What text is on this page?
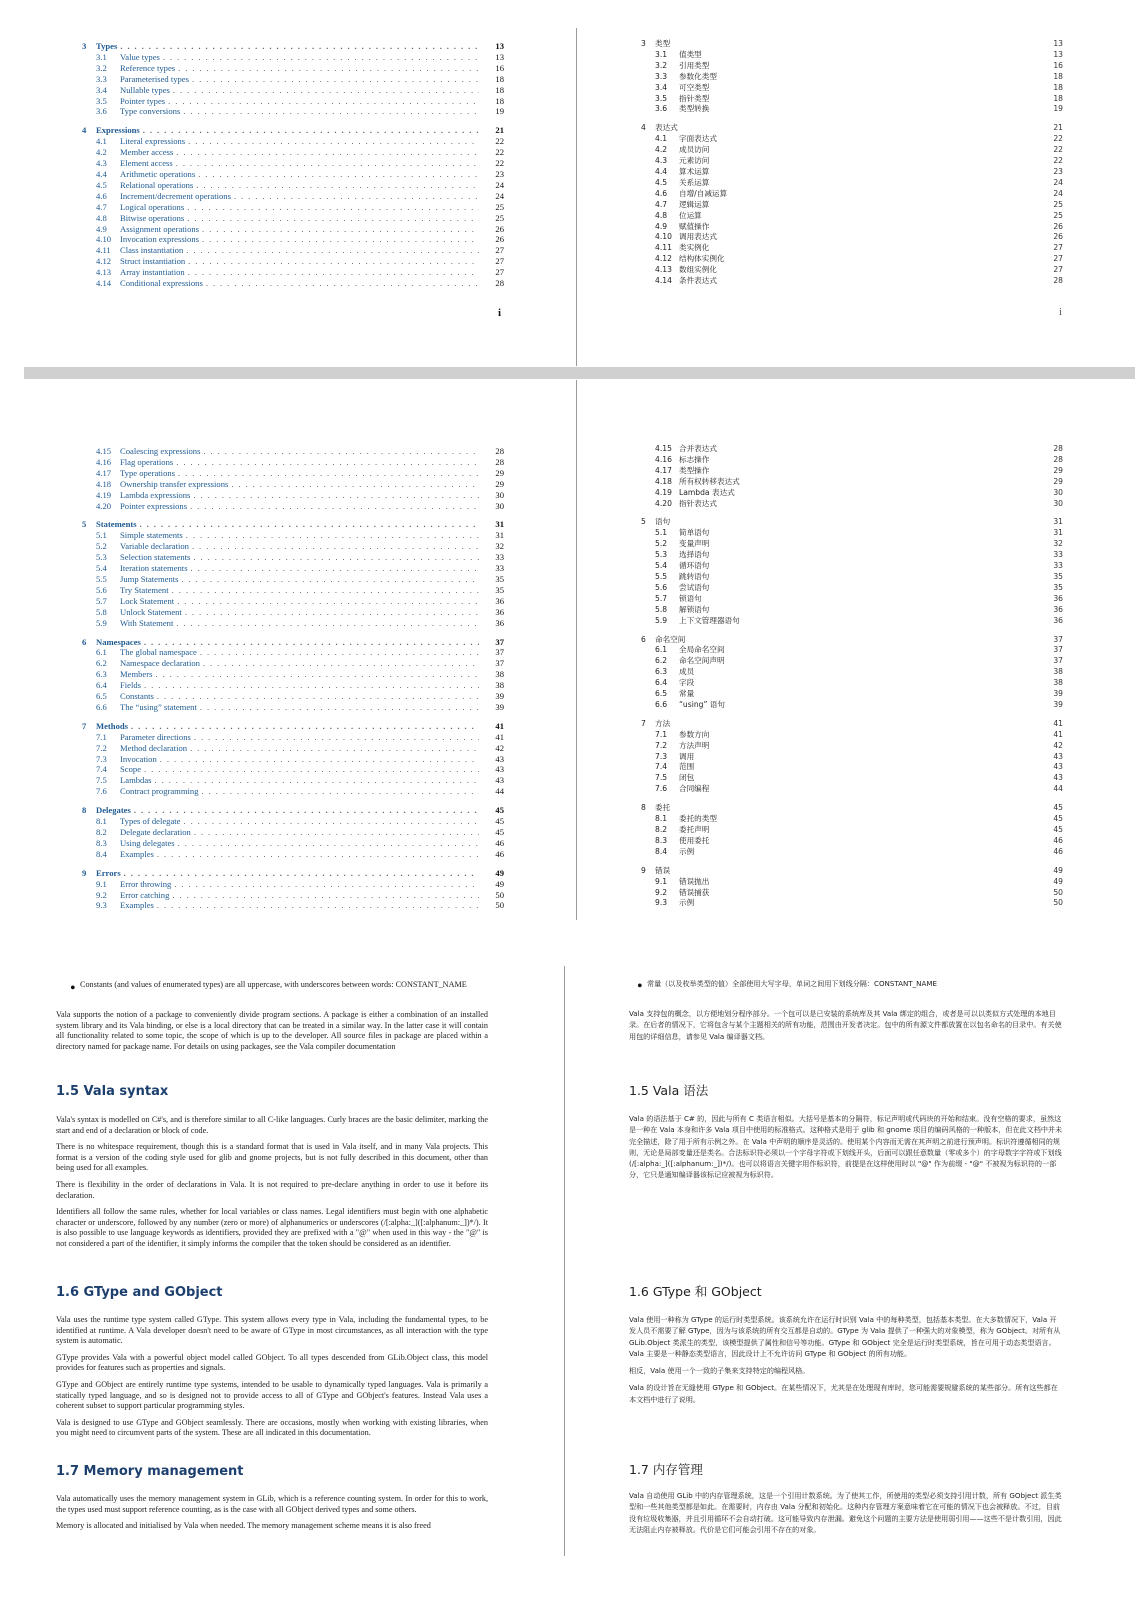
3	Types . . .	13
3.1	Value types . . .	13
3.2	Reference types . . .	16
3.3	Parameterised types . . .	18
3.4	Nullable types . . .	18
3.5	Pointer types . . .	18
3.6	Type conversions . . .	19
4	Expressions . . .	21
4.1	Literal expressions . . .	22
4.2	Member access . . .	22
4.3	Element access . . .	22
4.4	Arithmetic operations . . .	23
4.5	Relational operations . . .	24
4.6	Increment/decrement operations . . .	24
4.7	Logical operations . . .	25
4.8	Bitwise operations . . .	25
4.9	Assignment operations . . .	26
4.10	Invocation expressions . . .	26
4.11	Class instantiation . . .	27
4.12	Struct instantiation . . .	27
4.13	Array instantiation . . .	27
4.14	Conditional expressions . . .	28
i
3	类型	13
3.1	值类型	13
3.2	引用类型	16
3.3	参数化类型	18
3.4	可空类型	18
3.5	指针类型	18
3.6	类型转换	19
4	表达式	21
4.1	字面表达式	22
4.2	成员访问	22
4.3	元素访问	22
4.4	算术运算	23
4.5	关系运算	24
4.6	自增/自减运算	24
4.7	逻辑运算	25
4.8	位运算	25
4.9	赋值操作	26
4.10 调用表达式	26
4.11 类实例化	27
4.12 结构体实例化	27
4.13 数组实例化	27
4.14 条件表达式	28
i
4.15	Coalescing expressions . . .	28
4.16	Flag operations . . .	28
4.17	Type operations . . .	29
4.18	Ownership transfer expressions . . .	29
4.19	Lambda expressions . . .	30
4.20	Pointer expressions . . .	30
5	Statements . . .	31
5.1	Simple statements . . .	31
5.2	Variable declaration . . .	32
5.3	Selection statements . . .	33
5.4	Iteration statements . . .	33
5.5	Jump Statements . . .	35
5.6	Try Statement . . .	35
5.7	Lock Statement . . .	36
5.8	Unlock Statement . . .	36
5.9	With Statement . . .	36
6	Namespaces . . .	37
6.1	The global namespace . . .	37
6.2	Namespace declaration . . .	37
6.3	Members . . .	38
6.4	Fields . . .	38
6.5	Constants . . .	39
6.6	The “using” statement . . .	39
7	Methods . . .	41
7.1	Parameter directions . . .	41
7.2	Method declaration . . .	42
7.3	Invocation . . .	43
7.4	Scope . . .	43
7.5	Lambdas . . .	43
7.6	Contract programming . . .	44
8	Delegates . . .	45
8.1	Types of delegate . . .	45
8.2	Delegate declaration . . .	45
8.3	Using delegates . . .	46
8.4	Examples . . .	46
9	Errors . . .	49
9.1	Error throwing . . .	49
9.2	Error catching . . .	50
9.3	Examples . . .	50
4.15 合并表达式	28
4.16 标志操作	28
4.17 类型操作	29
4.18 所有权转移表达式	29
4.19 Lambda 表达式	30
4.20 指针表达式	30
5	语句	31
5.1	简单语句	31
5.2	变量声明	32
5.3	选择语句	33
5.4	循环语句	33
5.5	跳转语句	35
5.6	尝试语句	35
5.7	锁语句	36
5.8	解锁语句	36
5.9	上下文管理器语句	36
6	命名空间	37
6.1	全局命名空间	37
6.2	命名空间声明	37
6.3	成员	38
6.4	字段	38
6.5	常量	39
6.6	“using” 语句	39
7	方法	41
7.1	参数方向	41
7.2	方法声明	42
7.3	调用	43
7.4	范围	43
7.5	闭包	43
7.6	合同编程	44
8	委托	45
8.1	委托的类型	45
8.2	委托声明	45
8.3	使用委托	46
8.4	示例	46
9	错误	49
9.1	错误抛出	49
9.2	错误捕获	50
9.3	示例	50
• Constants (and values of enumerated types) are all uppercase, with underscores between words: CONSTANT_NAME

Vala supports the notion of a package to conveniently divide program sections. A package is either a combination of an installed system library and its Vala binding, or else is a local directory that can be treated in a similar way. In the latter case it will contain all functionality related to some topic, the scope of which is up to the developer. All source files in package are placed within a directory named for package name. For details on using packages, see the Vala compiler documentation

1.5 Vala syntax

Vala's syntax is modelled on C#'s, and is therefore similar to all C-like languages. Curly braces are the basic delimiter, marking the start and end of a declaration or block of code.

There is no whitespace requirement, though this is a standard format that is used in Vala itself, and in many Vala projects. This format is a version of the coding style used for glib and gnome projects, but is not fully described in this document, other than being used for all examples.

There is flexibility in the order of declarations in Vala. It is not required to pre-declare anything in order to use it before its declaration.

Identifiers all follow the same rules, whether for local variables or class names. Legal identifiers must begin with one alphabetic character or underscore, followed by any number (zero or more) of alphanumerics or underscores (/[:alpha:_]([:alphanum:_])*/). It is also possible to use language keywords as identifiers, provided they are prefixed with a "@" when used in this way - the "@" is not considered a part of the identifier, it simply informs the compiler that the token should be considered as an identifier.

1.6 GType and GObject

Vala uses the runtime type system called GType. This system allows every type in Vala, including the fundamental types, to be identified at runtime. A Vala developer doesn't need to be aware of GType in most circumstances, as all interaction with the type system is automatic.

GType provides Vala with a powerful object model called GObject. To all types descended from GLib.Object class, this model provides for features such as properties and signals.

GType and GObject are entirely runtime type systems, intended to be usable to dynamically typed languages. Vala is primarily a statically typed language, and so is designed not to provide access to all of GType and GObject's features. Instead Vala uses a coherent subset to support particular programming styles.

Vala is designed to use GType and GObject seamlessly. There are occasions, mostly when working with existing libraries, when you might need to circumvent parts of the system. These are all indicated in this documentation.

1.7 Memory management

Vala automatically uses the memory management system in GLib, which is a reference counting system. In order for this to work, the types used must support reference counting, as is the case with all GObject derived types and some others.

Memory is allocated and initialised by Vala when needed. The memory management scheme means it is also freed

• 常量（以及枚举类型的值）全部使用大写字母，单词之间用下划线分隔：CONSTANT_NAME

Vala 支持包的概念，以方便地划分程序部分。一个包可以是已安装的系统库及其 Vala 绑定的组合，或者是可以以类似方式处理的本地目录。在后者的情况下，它将包含与某个主题相关的所有功能，范围由开发者决定。包中的所有源文件都放置在以包名命名的目录中。有关使用包的详细信息，请参见 Vala 编译器文档。

1.5 Vala 语法

Vala 的语法基于 C# 的，因此与所有 C 类语言相似。大括号是基本的分隔符，标记声明或代码块的开始和结束。没有空格的要求，虽然这是一种在 Vala 本身和许多 Vala 项目中使用的标准格式。这种格式是用于 glib 和 gnome 项目的编码风格的一种版本，但在此文档中并未完全描述，除了用于所有示例之外。在 Vala 中声明的顺序是灵活的。使用某个内容而无需在其声明之前进行预声明。标识符遵循相同的规则，无论是局部变量还是类名。合法标识符必须以一个字母字符或下划线开头，后面可以跟任意数量（零或多个）的字母数字字符或下划线 (/[:alpha:_]([:alphanum:_])*/)。也可以将语言关键字用作标识符，前提是在这样使用时以 "@" 作为前缀 - "@" 不被视为标识符的一部分，它只是通知编译器该标记应被视为标识符。

1.6 GType 和 GObject

Vala 使用一种称为 GType 的运行时类型系统。该系统允许在运行时识别 Vala 中的每种类型，包括基本类型。在大多数情况下，Vala 开发人员不需要了解 GType，因为与该系统的所有交互都是自动的。GType 为 Vala 提供了一种强大的对象模型，称为 GObject。对所有从 GLib.Object 类派生的类型，该模型提供了属性和信号等功能。GType 和 GObject 完全是运行时类型系统，旨在可用于动态类型语言。Vala 主要是一种静态类型语言，因此设计上不允许访问 GType 和 GObject 的所有功能。

相反，Vala 使用一个一致的子集来支持特定的编程风格。

Vala 的设计旨在无缝使用 GType 和 GObject。在某些情况下，尤其是在处理现有库时，您可能需要规避系统的某些部分。所有这些都在本文档中进行了说明。

1.7 内存管理

Vala 自动使用 GLib 中的内存管理系统，这是一个引用计数系统。为了使其工作，所使用的类型必须支持引用计数，所有 GObject 派生类型和一些其他类型都是如此。在需要时，内存由 Vala 分配和初始化。这种内存管理方案意味着它在可能的情况下也会被释放。不过，目前没有垃圾收集器，并且引用循环不会自动打破。这可能导致内存泄漏。避免这个问题的主要方法是使用弱引用——这些不是计数引用，因此无法阻止内存被释放。代价是它们可能会引用不存在的对象。
